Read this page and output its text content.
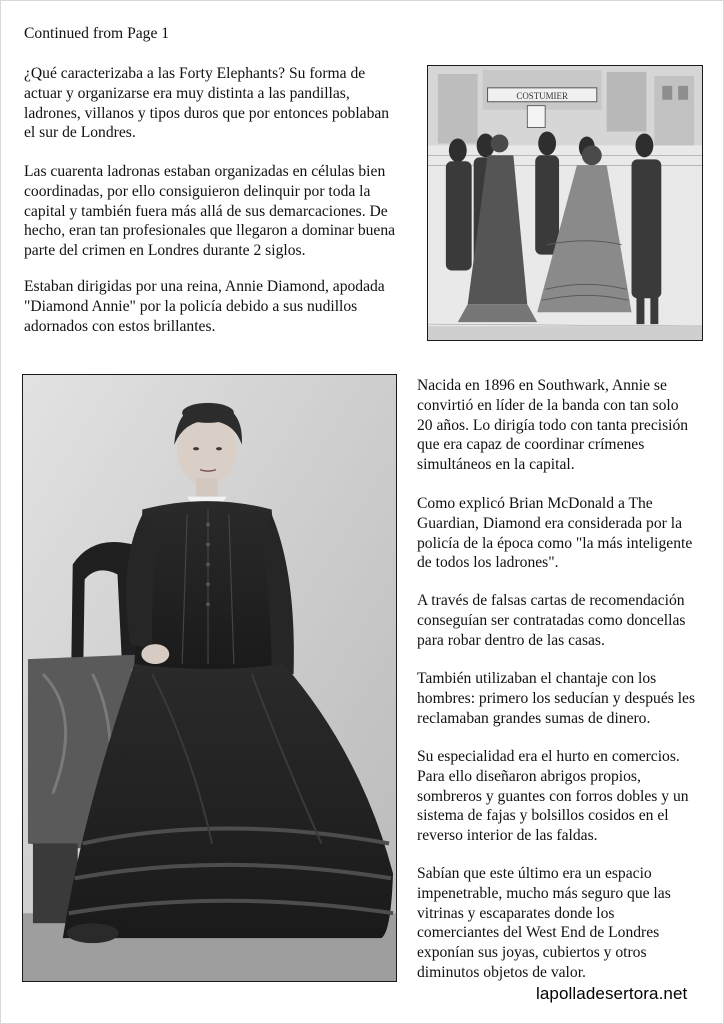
Continued from Page 1

¿Qué caracterizaba a las Forty Elephants? Su forma de
actuar y organizarse era muy distinta a las pandillas,
ladrones, villanos y tipos duros que por entonces poblaban
el sur de Londres.

Las cuarenta ladronas estaban organizadas en células bien
coordinadas, por ello consiguieron delinquir por toda la
capital y también fuera más allá de sus demarcaciones. De
hecho, eran tan profesionales que llegaron a dominar buena
parte del crimen en Londres durante 2 siglos.

Estaban dirigidas por una reina, Annie Diamond, apodada
"Diamond Annie" por la policía debido a sus nudillos
adornados con estos brillantes.

COSTUMIER

Nacida en 1896 en Southwark, Annie se
convirtió en líder de la banda con tan solo
20 años. Lo dirigía todo con tanta precisión
que era capaz de coordinar crímenes
simultáneos en la capital.

Como explicó Brian McDonald a The
Guardian, Diamond era considerada por la
policía de la época como "la más inteligente
de todos los ladrones".

A través de falsas cartas de recomendación
conseguían ser contratadas como doncellas
para robar dentro de las casas.

También utilizaban el chantaje con los
hombres: primero los seducían y después les
reclamaban grandes sumas de dinero.

Su especialidad era el hurto en comercios.
Para ello diseñaron abrigos propios,
sombreros y guantes con forros dobles y un
sistema de fajas y bolsillos cosidos en el
reverso interior de las faldas.

Sabían que este último era un espacio
impenetrable, mucho más seguro que las
vitrinas y escaparates donde los
comerciantes del West End de Londres
exponían sus joyas, cubiertos y otros
diminutos objetos de valor.

lapolladesertora.net
